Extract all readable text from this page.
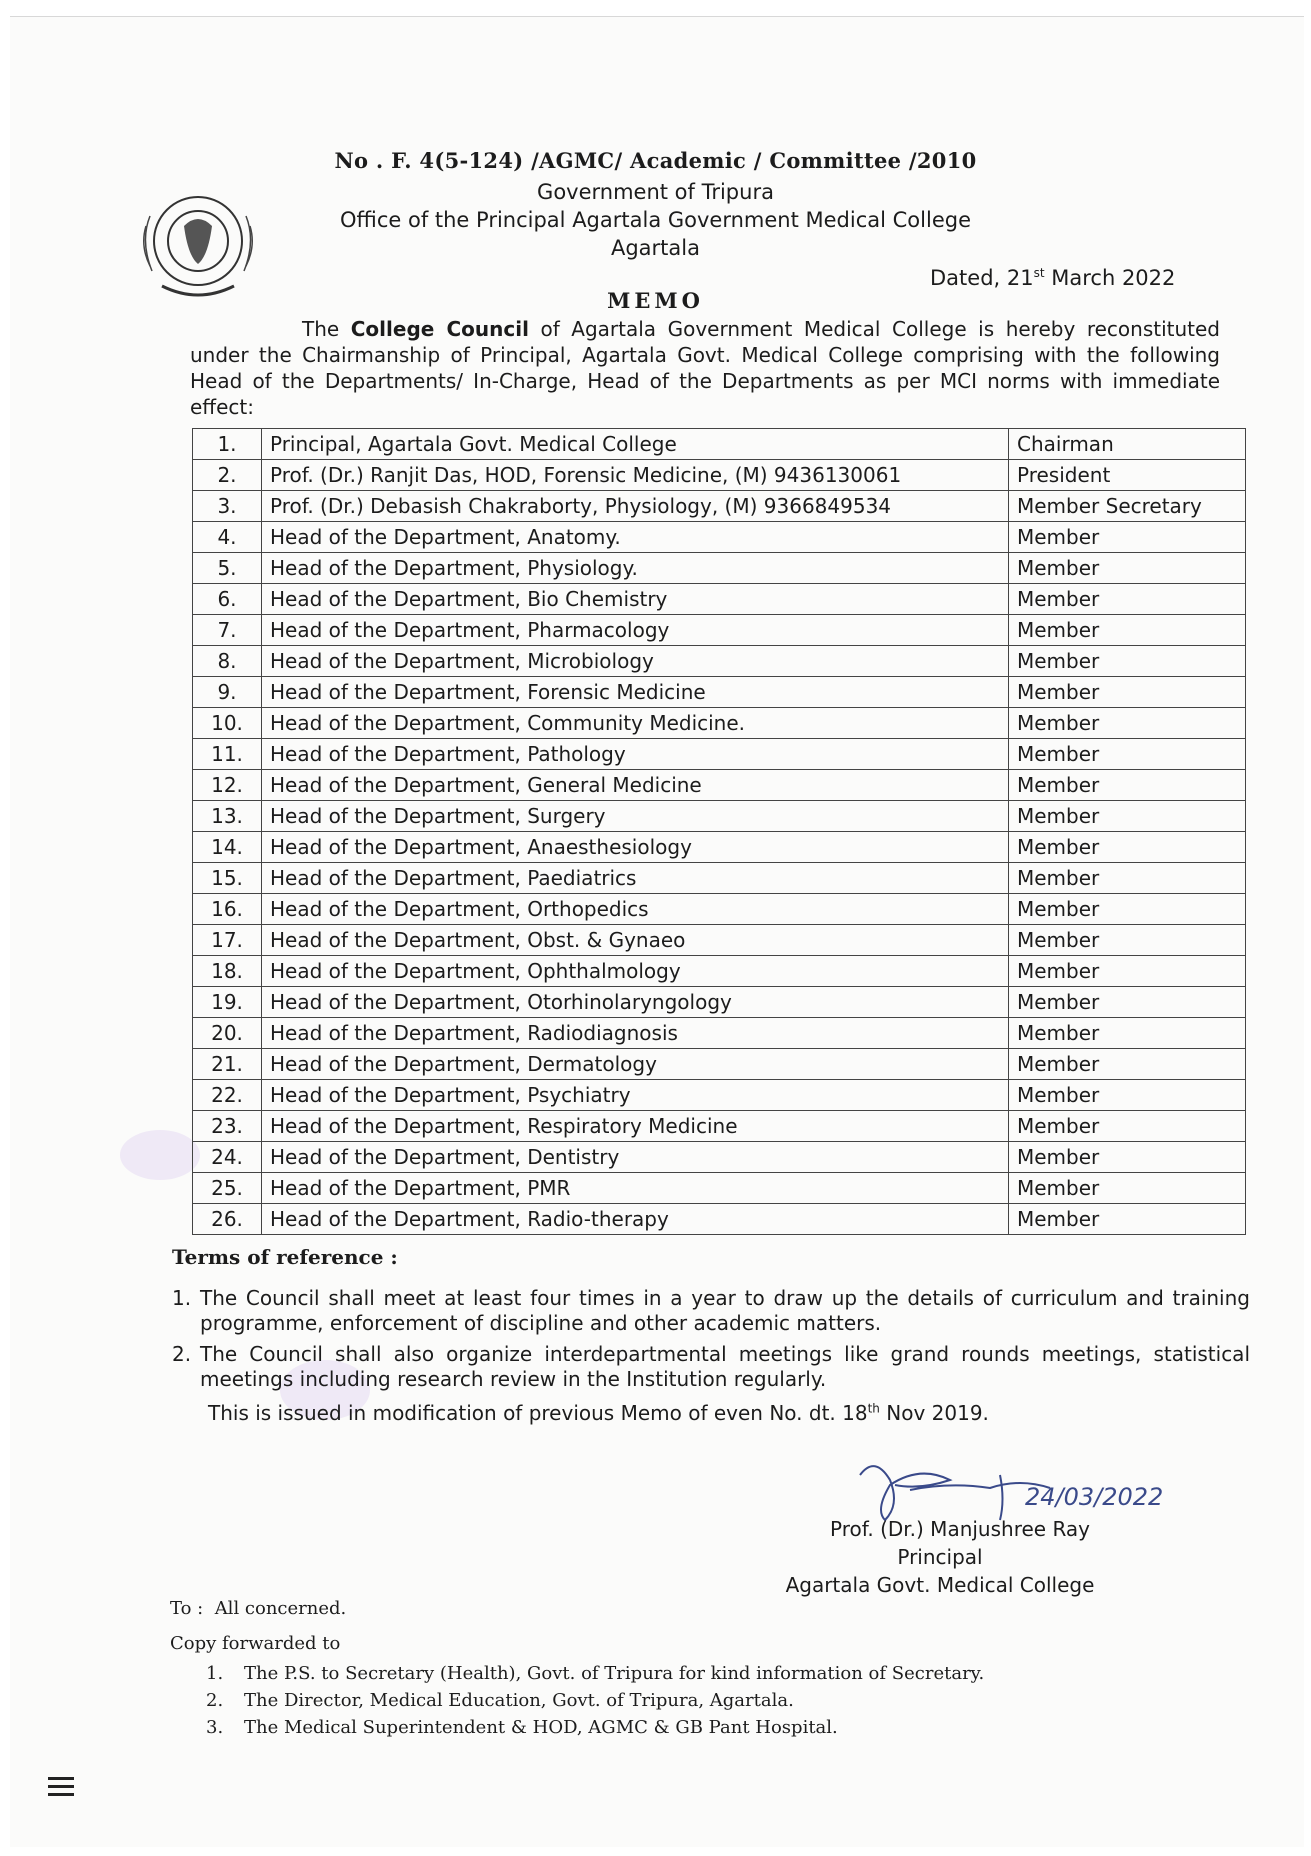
No . F. 4(5-124) /AGMC/ Academic / Committee /2010
Government of Tripura
Office of the Principal Agartala Government Medical College
Agartala
Dated, 21st March 2022
MEMO
The College Council of Agartala Government Medical College is hereby reconstituted under the Chairmanship of Principal, Agartala Govt. Medical College comprising with the following Head of the Departments/ In-Charge, Head of the Departments as per MCI norms with immediate effect:
1.	Principal, Agartala Govt. Medical College	Chairman
2.	Prof. (Dr.) Ranjit Das, HOD, Forensic Medicine, (M) 9436130061	President
3.	Prof. (Dr.) Debasish Chakraborty, Physiology, (M) 9366849534	Member Secretary
4.	Head of the Department, Anatomy.	Member
5.	Head of the Department, Physiology.	Member
6.	Head of the Department, Bio Chemistry	Member
7.	Head of the Department, Pharmacology	Member
8.	Head of the Department, Microbiology	Member
9.	Head of the Department, Forensic Medicine	Member
10.	Head of the Department, Community Medicine.	Member
11.	Head of the Department, Pathology	Member
12.	Head of the Department, General Medicine	Member
13.	Head of the Department, Surgery	Member
14.	Head of the Department, Anaesthesiology	Member
15.	Head of the Department, Paediatrics	Member
16.	Head of the Department, Orthopedics	Member
17.	Head of the Department, Obst. & Gynaeo	Member
18.	Head of the Department, Ophthalmology	Member
19.	Head of the Department, Otorhinolaryngology	Member
20.	Head of the Department, Radiodiagnosis	Member
21.	Head of the Department, Dermatology	Member
22.	Head of the Department, Psychiatry	Member
23.	Head of the Department, Respiratory Medicine	Member
24.	Head of the Department, Dentistry	Member
25.	Head of the Department, PMR	Member
26.	Head of the Department, Radio-therapy	Member
Terms of reference :
1. The Council shall meet at least four times in a year to draw up the details of curriculum and training programme, enforcement of discipline and other academic matters.
2. The Council shall also organize interdepartmental meetings like grand rounds meetings, statistical meetings including research review in the Institution regularly.
This is issued in modification of previous Memo of even No. dt. 18th Nov 2019.
24/03/2022
Prof. (Dr.) Manjushree Ray
Principal
Agartala Govt. Medical College
To : All concerned.
Copy forwarded to
1. The P.S. to Secretary (Health), Govt. of Tripura for kind information of Secretary.
2. The Director, Medical Education, Govt. of Tripura, Agartala.
3. The Medical Superintendent & HOD, AGMC & GB Pant Hospital.
